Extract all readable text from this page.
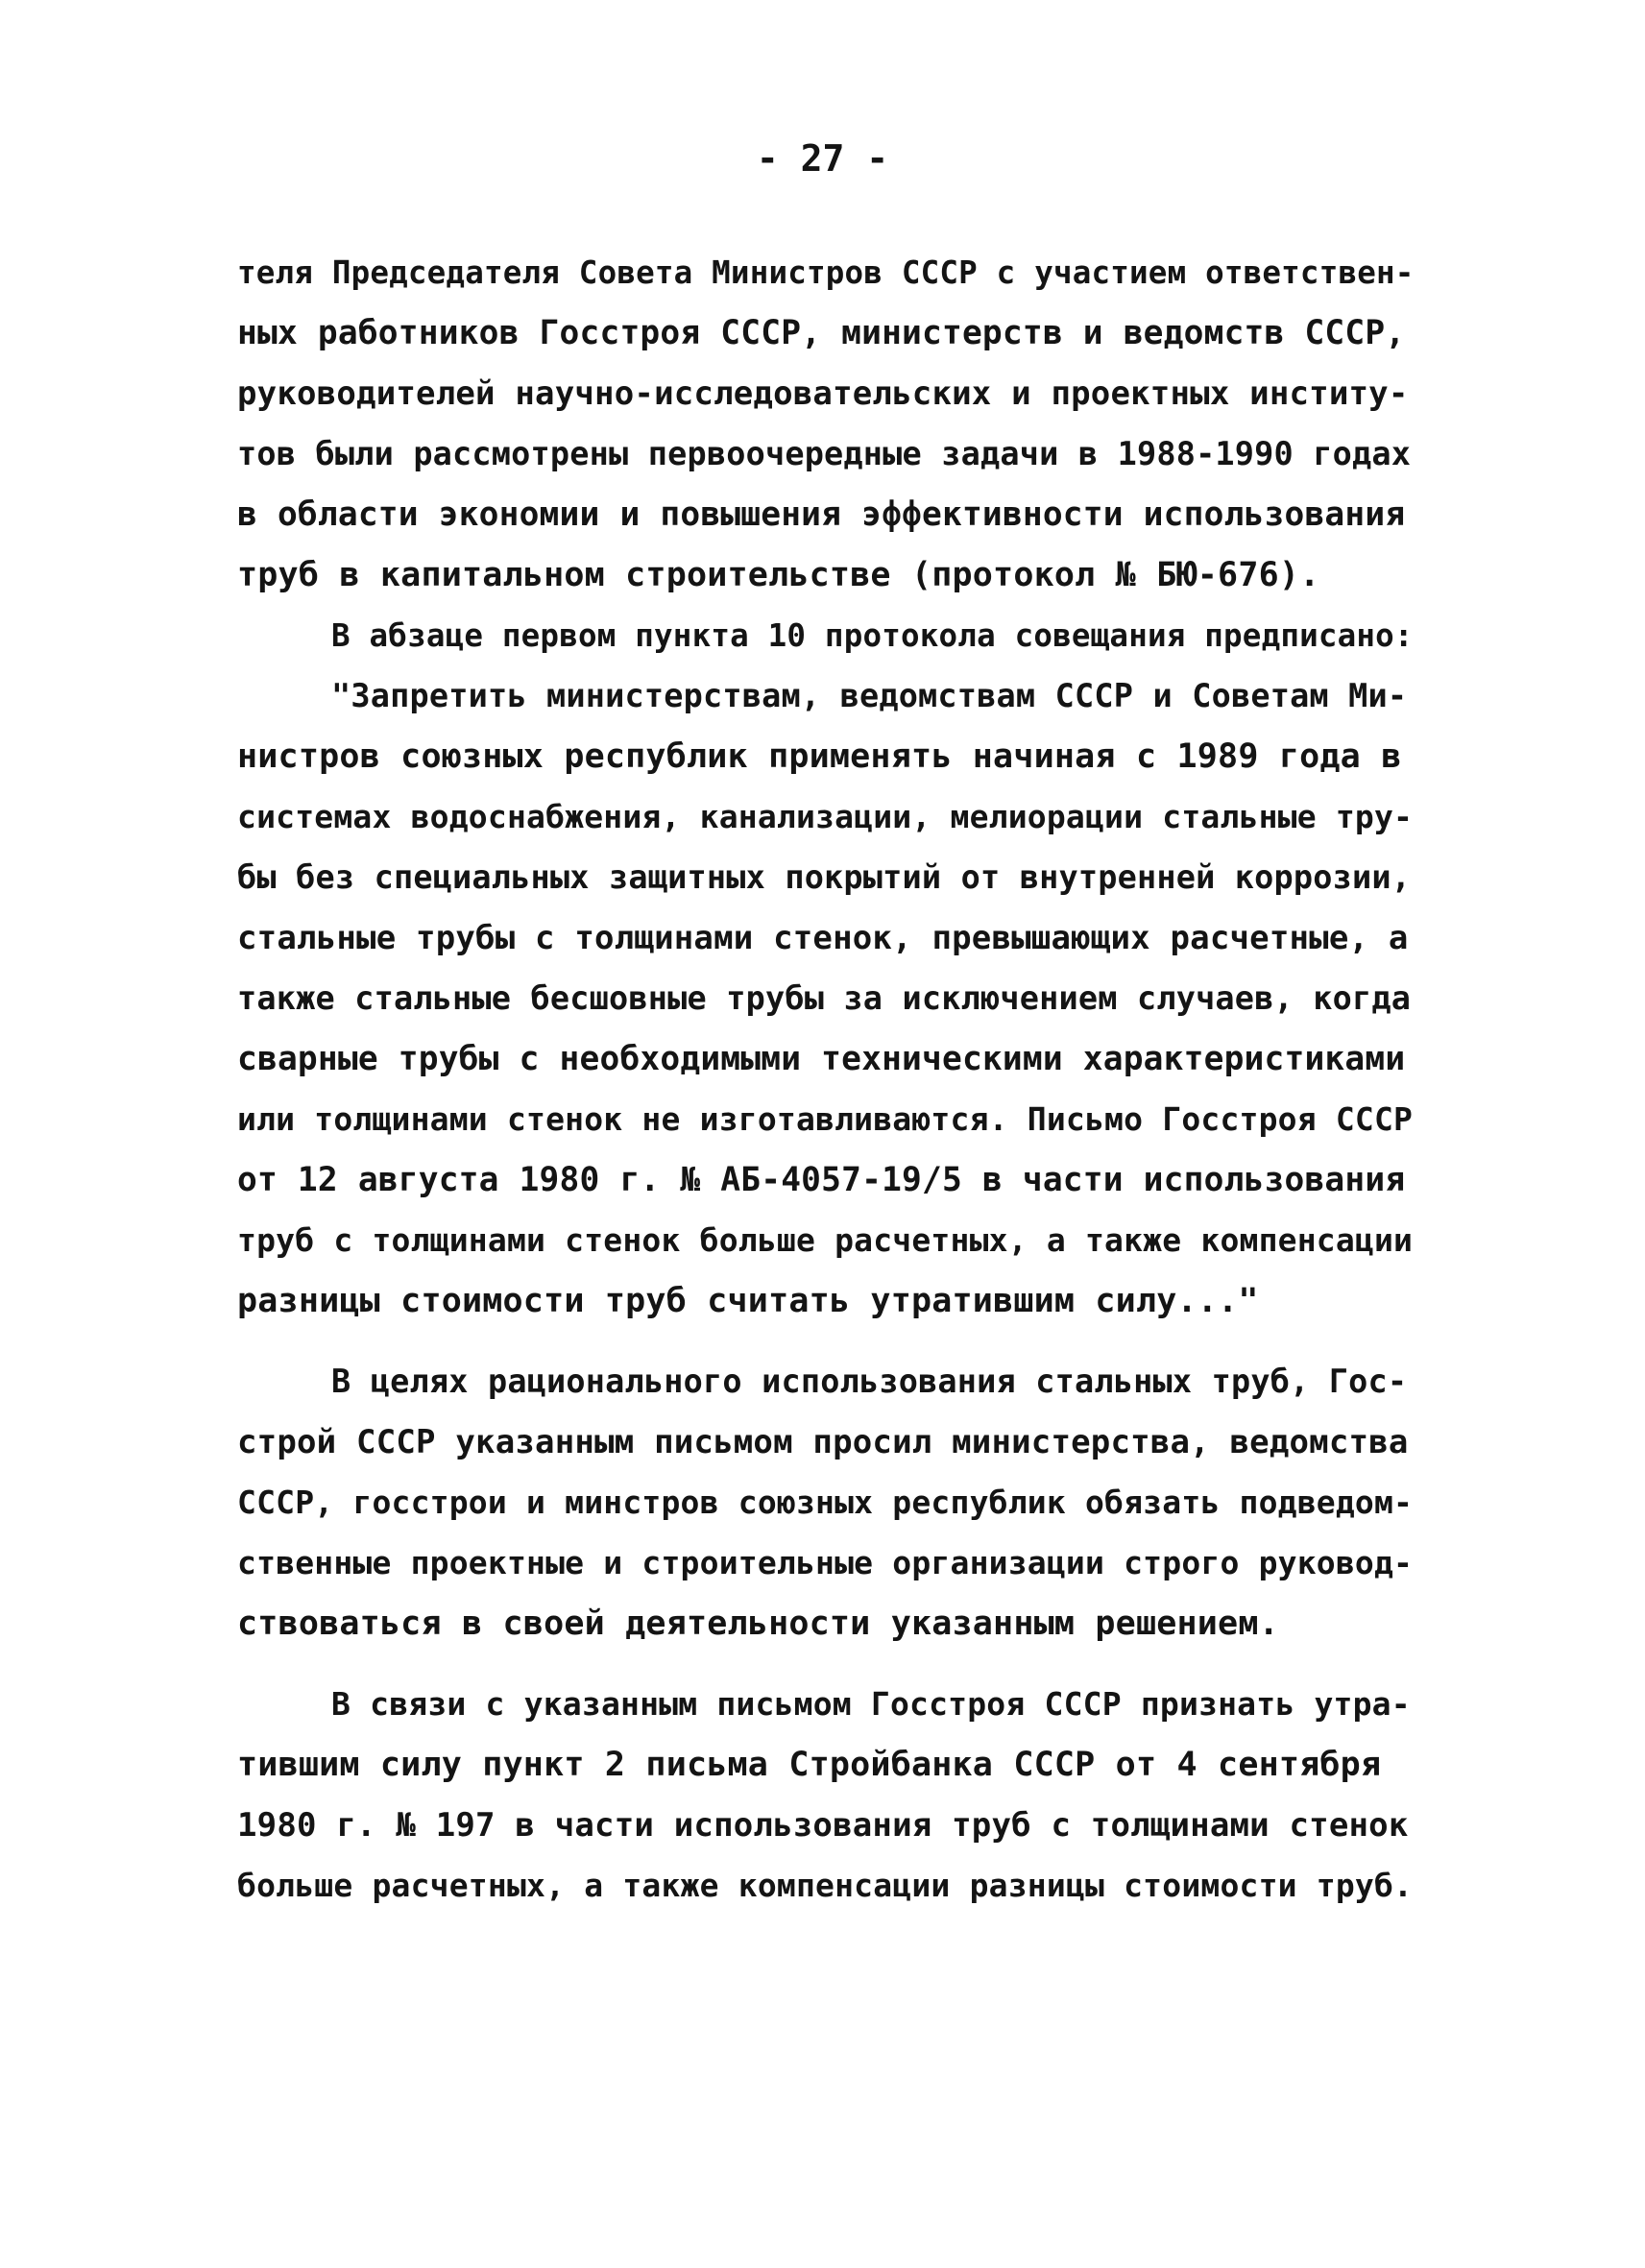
- 27 -
теля Председателя Совета Министров СССР с участием ответствен-
ных работников Госстроя СССР, министерств и ведомств СССР,
руководителей научно-исследовательских и проектных институ-
тов были рассмотрены первоочередные задачи в 1988-1990 годах
в области экономии и повышения эффективности использования
труб в капитальном строительстве (протокол № БЮ-676).
В абзаце первом пункта 10 протокола совещания предписано:
"Запретить министерствам, ведомствам СССР и Советам Ми-
нистров союзных республик применять начиная с 1989 года в
системах водоснабжения, канализации, мелиорации стальные тру-
бы без специальных защитных покрытий от внутренней коррозии,
стальные трубы с толщинами стенок, превышающих расчетные, а
также стальные бесшовные трубы за исключением случаев, когда
сварные трубы с необходимыми техническими характеристиками
или толщинами стенок не изготавливаются. Письмо Госстроя СССР
от 12 августа 1980 г. № АБ-4057-19/5 в части использования
труб с толщинами стенок больше расчетных, а также компенсации
разницы стоимости труб считать утратившим силу..."
В целях рационального использования стальных труб, Гос-
строй СССР указанным письмом просил министерства, ведомства
СССР, госстрои и минстров союзных республик обязать подведом-
ственные проектные и строительные организации строго руковод-
ствоваться в своей деятельности указанным решением.
В связи с указанным письмом Госстроя СССР признать утра-
тившим силу пункт 2 письма Стройбанка СССР от 4 сентября
1980 г. № 197 в части использования труб с толщинами стенок
больше расчетных, а также компенсации разницы стоимости труб.
